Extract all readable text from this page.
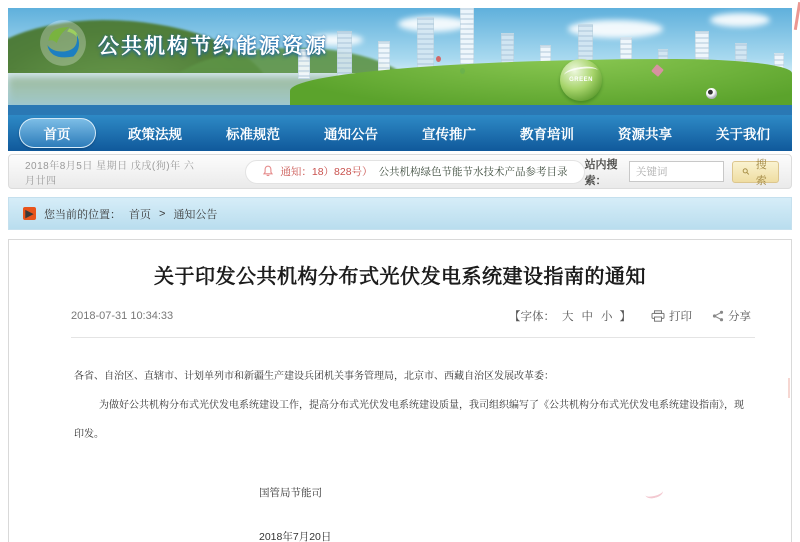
GREEN
公共机构节约能源资源
首页	政策法规	标准规范	通知公告	宣传推广	教育培训	资源共享	关于我们
2018年8月5日 星期日 戊戌(狗)年 六月廿四
通知：18）828号） 公共机构绿色节能节水技术产品参考目录
站内搜索：
关键词
搜索
▶ 您当前的位置： 首页 > 通知公告
关于印发公共机构分布式光伏发电系统建设指南的通知
2018-07-31 10:34:33	【字体： 大 中 小 】	打印	分享

各省、自治区、直辖市、计划单列市和新疆生产建设兵团机关事务管理局，北京市、西藏自治区发展改革委：

为做好公共机构分布式光伏发电系统建设工作，提高分布式光伏发电系统建设质量，我司组织编写了《公共机构分布式光伏发电系统建设指南》，现印发。

国管局节能司
2018年7月20日
